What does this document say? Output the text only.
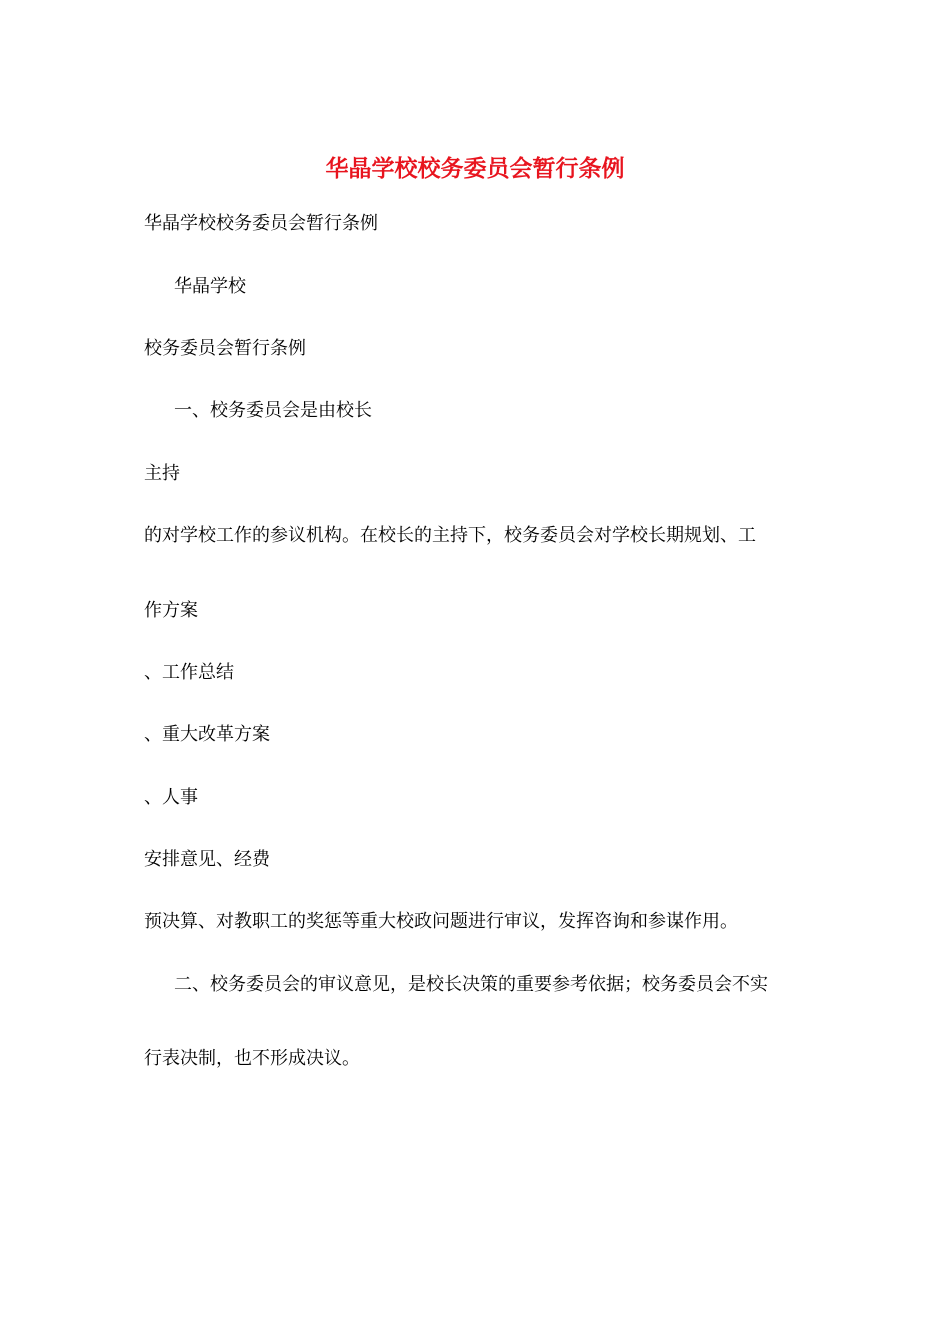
华晶学校校务委员会暂行条例
华晶学校校务委员会暂行条例
华晶学校
校务委员会暂行条例
一、校务委员会是由校长
主持
的对学校工作的参议机构。在校长的主持下，校务委员会对学校长期规划、工
作方案
、工作总结
、重大改革方案
、人事
安排意见、经费
预决算、对教职工的奖惩等重大校政问题进行审议，发挥咨询和参谋作用。
二、校务委员会的审议意见，是校长决策的重要参考依据；校务委员会不实
行表决制，也不形成决议。
